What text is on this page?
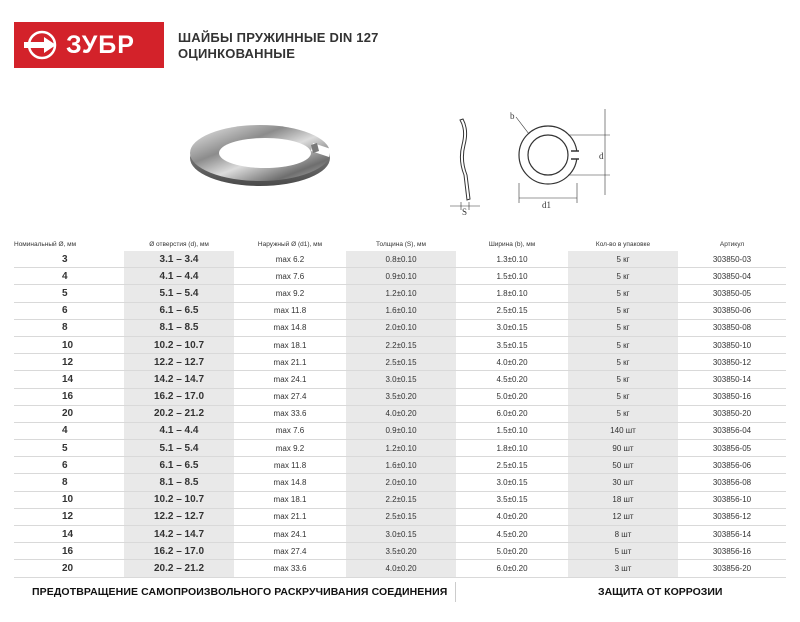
ЗУБР	ШАЙБЫ ПРУЖИННЫЕ DIN 127
ОЦИНКОВАННЫЕ
S
d1
d
b
Номинальный Ø, мм	Ø отверстия (d), мм	Наружный Ø (d1), мм	Толщина (S), мм	Ширина (b), мм	Кол-во в упаковке	Артикул
3	3.1 – 3.4	max 6.2	0.8±0.10	1.3±0.10	5 кг	303850-03
4	4.1 – 4.4	max 7.6	0.9±0.10	1.5±0.10	5 кг	303850-04
5	5.1 – 5.4	max 9.2	1.2±0.10	1.8±0.10	5 кг	303850-05
6	6.1 – 6.5	max 11.8	1.6±0.10	2.5±0.15	5 кг	303850-06
8	8.1 – 8.5	max 14.8	2.0±0.10	3.0±0.15	5 кг	303850-08
10	10.2 – 10.7	max 18.1	2.2±0.15	3.5±0.15	5 кг	303850-10
12	12.2 – 12.7	max 21.1	2.5±0.15	4.0±0.20	5 кг	303850-12
14	14.2 – 14.7	max 24.1	3.0±0.15	4.5±0.20	5 кг	303850-14
16	16.2 – 17.0	max 27.4	3.5±0.20	5.0±0.20	5 кг	303850-16
20	20.2 – 21.2	max 33.6	4.0±0.20	6.0±0.20	5 кг	303850-20
4	4.1 – 4.4	max 7.6	0.9±0.10	1.5±0.10	140 шт	303856-04
5	5.1 – 5.4	max 9.2	1.2±0.10	1.8±0.10	90 шт	303856-05
6	6.1 – 6.5	max 11.8	1.6±0.10	2.5±0.15	50 шт	303856-06
8	8.1 – 8.5	max 14.8	2.0±0.10	3.0±0.15	30 шт	303856-08
10	10.2 – 10.7	max 18.1	2.2±0.15	3.5±0.15	18 шт	303856-10
12	12.2 – 12.7	max 21.1	2.5±0.15	4.0±0.20	12 шт	303856-12
14	14.2 – 14.7	max 24.1	3.0±0.15	4.5±0.20	8 шт	303856-14
16	16.2 – 17.0	max 27.4	3.5±0.20	5.0±0.20	5 шт	303856-16
20	20.2 – 21.2	max 33.6	4.0±0.20	6.0±0.20	3 шт	303856-20
ПРЕДОТВРАЩЕНИЕ САМОПРОИЗВОЛЬНОГО РАСКРУЧИВАНИЯ СОЕДИНЕНИЯ	ЗАЩИТА ОТ КОРРОЗИИ
